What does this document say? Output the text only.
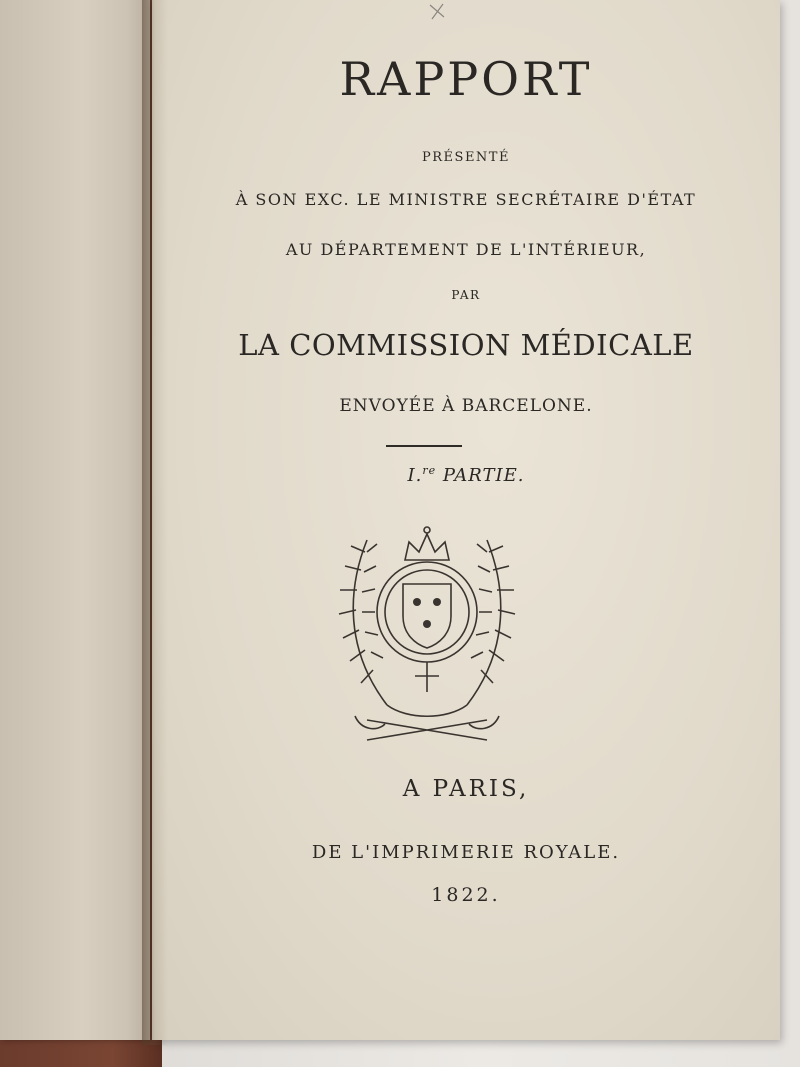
RAPPORT
PRÉSENTÉ
À SON EXC. LE MINISTRE SECRÉTAIRE D'ÉTAT
AU DÉPARTEMENT DE L'INTÉRIEUR,
PAR
LA COMMISSION MÉDICALE
ENVOYÉE À BARCELONE.
I.$^{re}$ PARTIE.
A PARIS,
DE L'IMPRIMERIE ROYALE.
1822.
